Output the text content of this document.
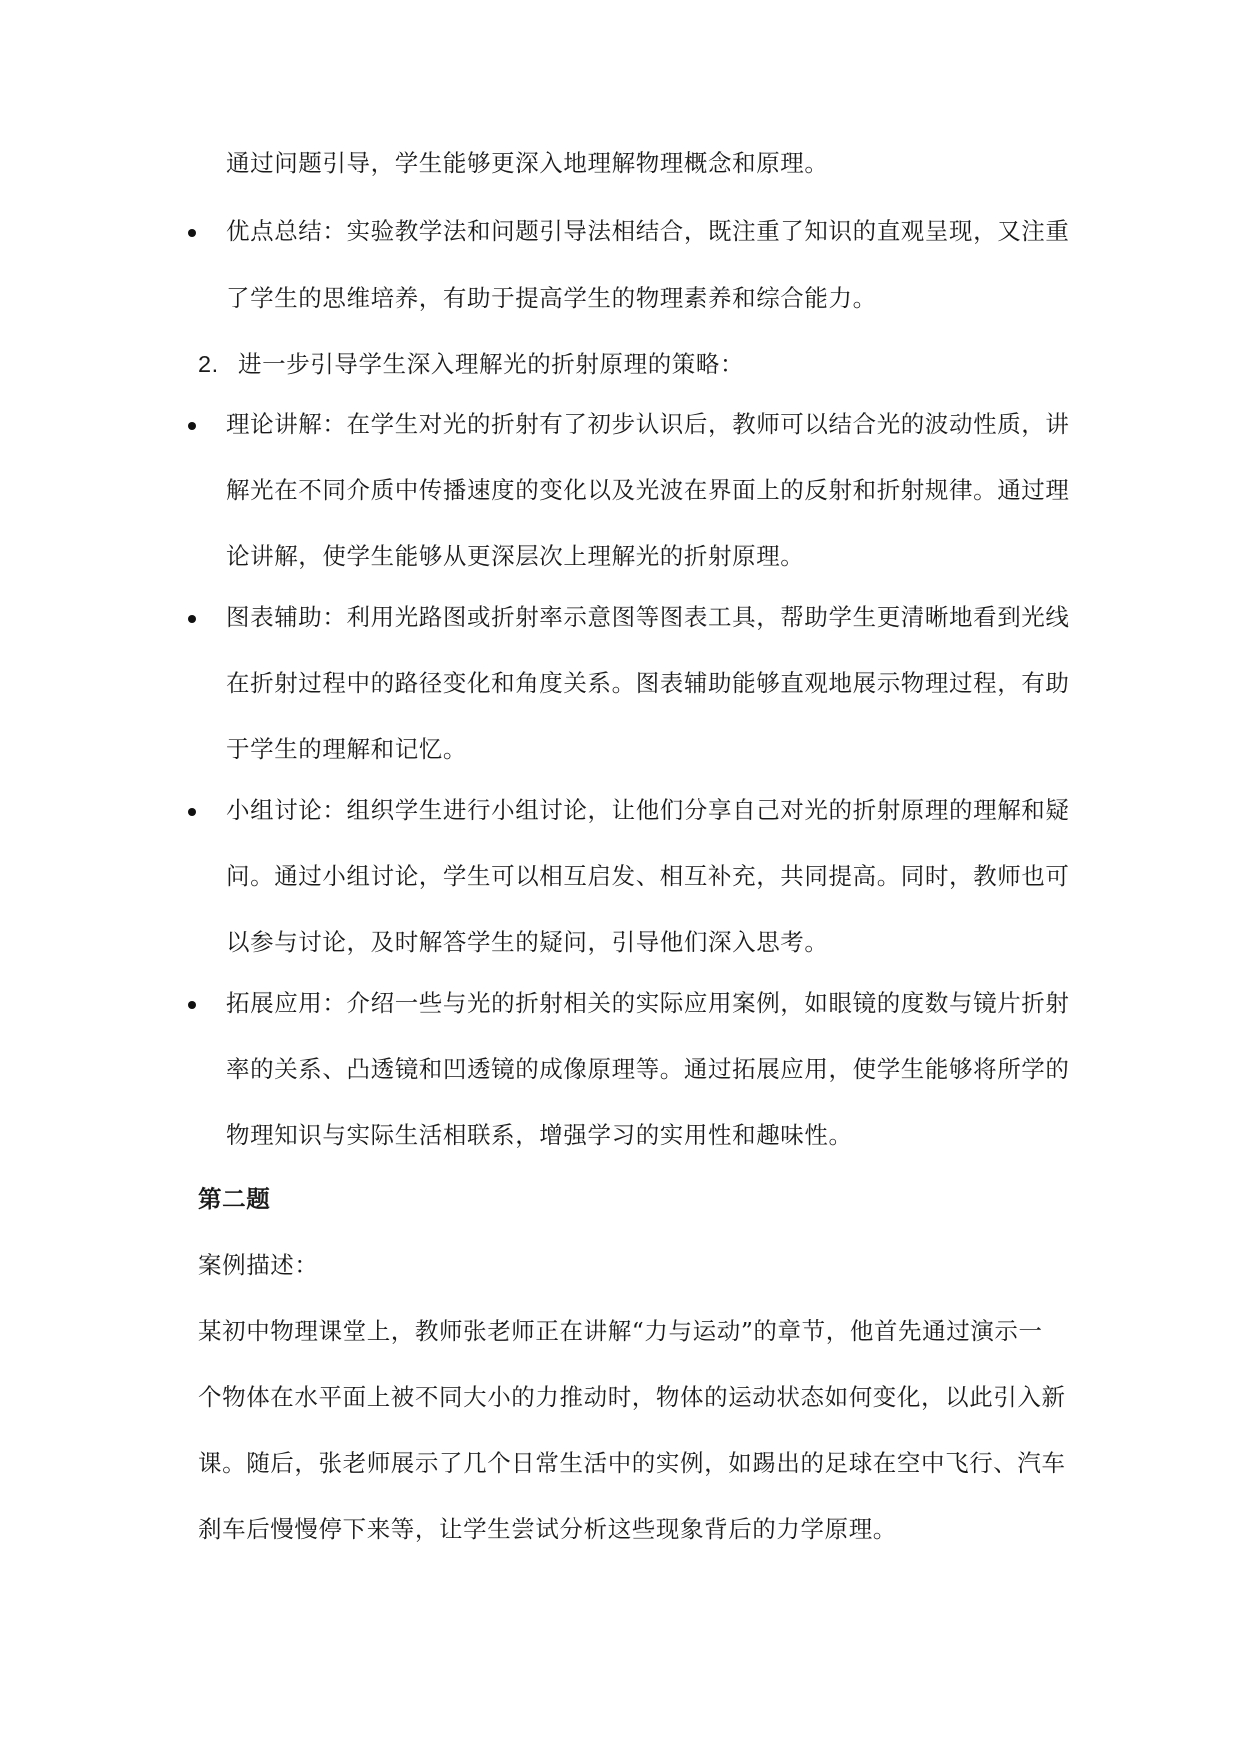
通过问题引导，学生能够更深入地理解物理概念和原理。
优点总结：实验教学法和问题引导法相结合，既注重了知识的直观呈现，又注重
了学生的思维培养，有助于提高学生的物理素养和综合能力。
2. 进一步引导学生深入理解光的折射原理的策略：
理论讲解：在学生对光的折射有了初步认识后，教师可以结合光的波动性质，讲
解光在不同介质中传播速度的变化以及光波在界面上的反射和折射规律。通过理
论讲解，使学生能够从更深层次上理解光的折射原理。
图表辅助：利用光路图或折射率示意图等图表工具，帮助学生更清晰地看到光线
在折射过程中的路径变化和角度关系。图表辅助能够直观地展示物理过程，有助
于学生的理解和记忆。
小组讨论：组织学生进行小组讨论，让他们分享自己对光的折射原理的理解和疑
问。通过小组讨论，学生可以相互启发、相互补充，共同提高。同时，教师也可
以参与讨论，及时解答学生的疑问，引导他们深入思考。
拓展应用：介绍一些与光的折射相关的实际应用案例，如眼镜的度数与镜片折射
率的关系、凸透镜和凹透镜的成像原理等。通过拓展应用，使学生能够将所学的
物理知识与实际生活相联系，增强学习的实用性和趣味性。
第二题
案例描述：
某初中物理课堂上，教师张老师正在讲解“力与运动”的章节，他首先通过演示一
个物体在水平面上被不同大小的力推动时，物体的运动状态如何变化，以此引入新
课。随后，张老师展示了几个日常生活中的实例，如踢出的足球在空中飞行、汽车
刹车后慢慢停下来等，让学生尝试分析这些现象背后的力学原理。
